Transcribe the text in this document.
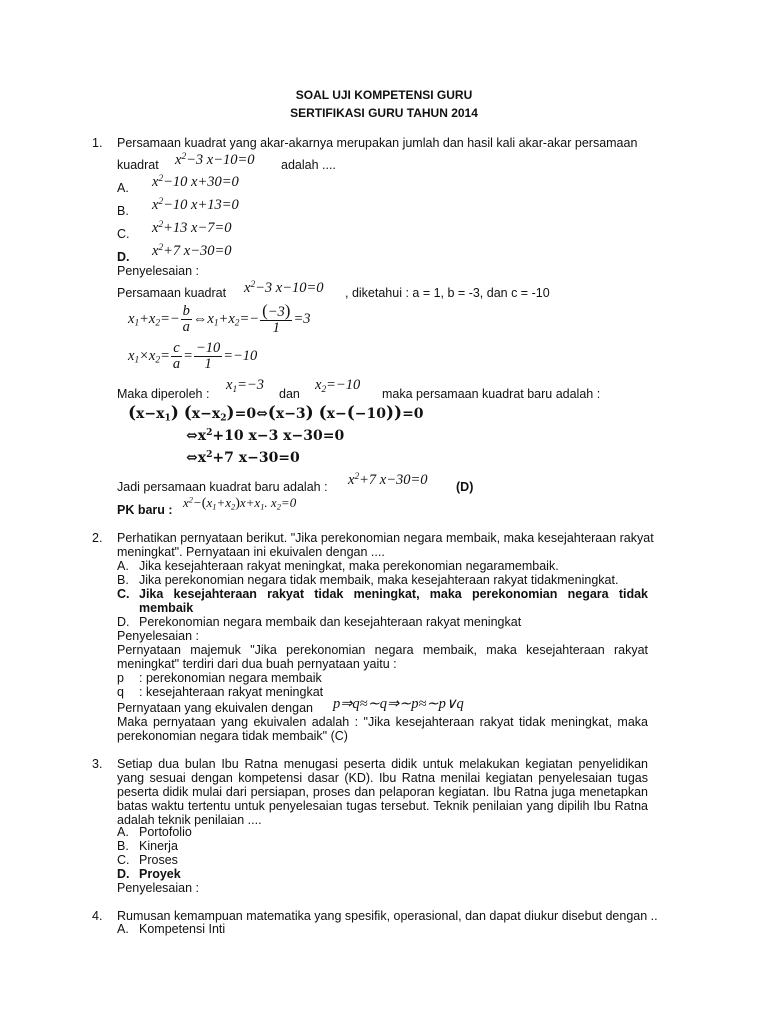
SOAL UJI KOMPETENSI GURU
SERTIFIKASI GURU TAHUN 2014
1. Persamaan kuadrat yang akar-akarnya merupakan jumlah dan hasil kali akar-akar persamaan
kuadrat $x^2-3$ x−10=0 adalah ....
A. $x^2-10$ x+30=0
B. $x^2-10$ x+13=0
C. $x^2+13$ x−7=0
D. $x^2+7$ x−30=0
Penyelesaian :
Persamaan kuadrat $x^2-3$ x−10=0 , diketahui : a = 1, b = -3, dan c = -10
$x_1+x_2=- \frac{b}{a}$ $\Leftrightarrow x_1+x_2=- \frac{(-3)}{1} =3$
$x_1\times x_2= \frac{c}{a} = \frac{-10}{1} =-10$
Maka diperoleh :
$x_1=-3$
dan
$x_2=-10$
maka persamaan kuadrat baru adalah :
$(x-x_1)$ $(x-x_2)=0\Leftrightarrow(x-3)$ (x−(−10))=0
$\Leftrightarrow x^2+10$ x−3 x−30=0
$\Leftrightarrow x^2+7$ x−30=0
Jadi persamaan kuadrat baru adalah : $x^2+7$ x−30=0 (D)
PK baru : $x^2-(x_1+x_2)x+x_1$. $x_2=0$
2. Perhatikan pernyataan berikut. "Jika perekonomian negara membaik, maka kesejahteraan rakyat
meningkat". Pernyataan ini ekuivalen dengan ....
A. Jika kesejahteraan rakyat meningkat, maka perekonomian negaramembaik.
B. Jika perekonomian negara tidak membaik, maka kesejahteraan rakyat tidakmeningkat.
C. Jika kesejahteraan rakyat tidak meningkat, maka perekonomian negara tidak membaik
D. Perekonomian negara membaik dan kesejahteraan rakyat meningkat
Penyelesaian :
Pernyataan majemuk "Jika perekonomian negara membaik, maka kesejahteraan rakyat meningkat" terdiri dari dua buah pernyataan yaitu :
p : perekonomian negara membaik
q : kesejahteraan rakyat meningkat
Pernyataan yang ekuivalen dengan p⇒q≈∼q⇒∼p≈∼p∨q
Maka pernyataan yang ekuivalen adalah : "Jika kesejahteraan rakyat tidak meningkat, maka perekonomian negara tidak membaik" (C)
3. Setiap dua bulan Ibu Ratna menugasi peserta didik untuk melakukan kegiatan penyelidikan yang sesuai dengan kompetensi dasar (KD). Ibu Ratna menilai kegiatan penyelesaian tugas peserta didik mulai dari persiapan, proses dan pelaporan kegiatan. Ibu Ratna juga menetapkan batas waktu tertentu untuk penyelesaian tugas tersebut. Teknik penilaian yang dipilih Ibu Ratna adalah teknik penilaian ....
A. Portofolio
B. Kinerja
C. Proses
D. Proyek
Penyelesaian :
4. Rumusan kemampuan matematika yang spesifik, operasional, dan dapat diukur disebut dengan ..
A. Kompetensi Inti
